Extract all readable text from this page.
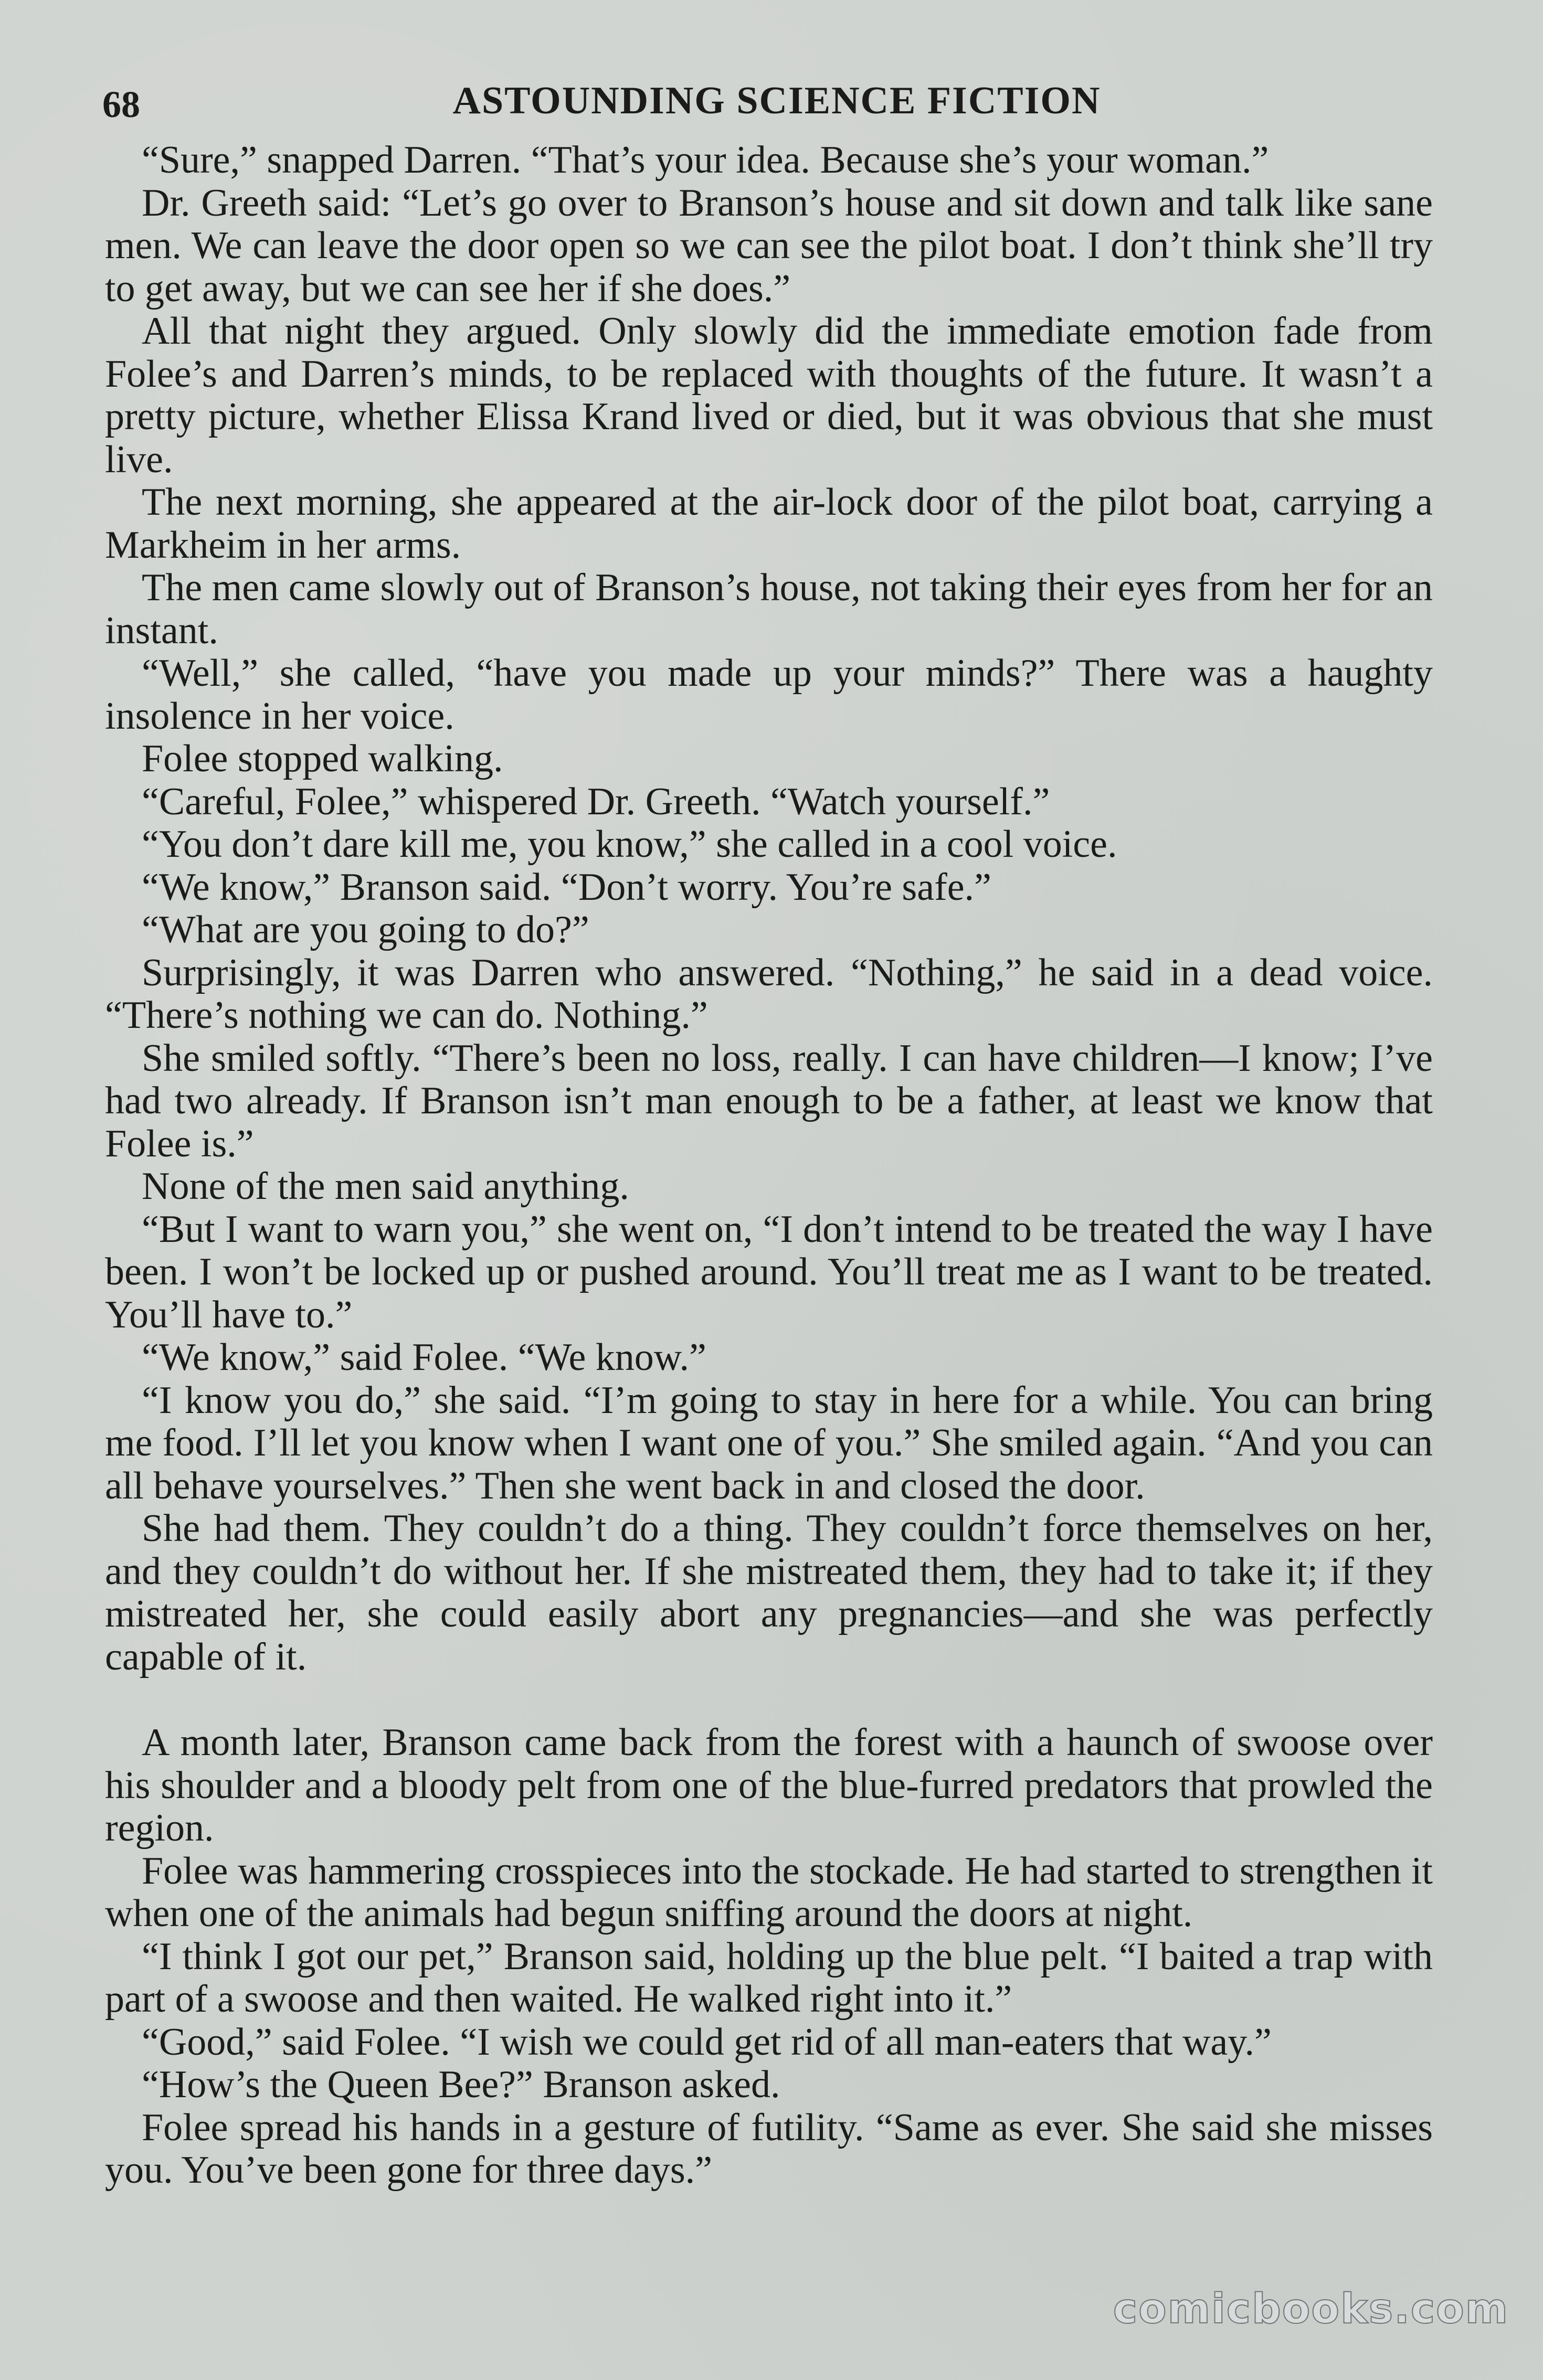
68	ASTOUNDING SCIENCE FICTION

“Sure,” snapped Darren. “That’s your idea. Because she’s your woman.”

Dr. Greeth said: “Let’s go over to Branson’s house and sit down and talk like sane men. We can leave the door open so we can see the pilot boat. I don’t think she’ll try to get away, but we can see her if she does.”

All that night they argued. Only slowly did the immediate emotion fade from Folee’s and Darren’s minds, to be replaced with thoughts of the future. It wasn’t a pretty picture, whether Elissa Krand lived or died, but it was obvious that she must live.

The next morning, she appeared at the air-lock door of the pilot boat, carrying a Markheim in her arms.

The men came slowly out of Branson’s house, not taking their eyes from her for an instant.

“Well,” she called, “have you made up your minds?” There was a haughty insolence in her voice.

Folee stopped walking.

“Careful, Folee,” whispered Dr. Greeth. “Watch yourself.”

“You don’t dare kill me, you know,” she called in a cool voice.

“We know,” Branson said. “Don’t worry. You’re safe.”

“What are you going to do?”

Surprisingly, it was Darren who answered. “Nothing,” he said in a dead voice. “There’s nothing we can do. Nothing.”

She smiled softly. “There’s been no loss, really. I can have children—I know; I’ve had two already. If Branson isn’t man enough to be a father, at least we know that Folee is.”

None of the men said anything.

“But I want to warn you,” she went on, “I don’t intend to be treated the way I have been. I won’t be locked up or pushed around. You’ll treat me as I want to be treated. You’ll have to.”

“We know,” said Folee. “We know.”

“I know you do,” she said. “I’m going to stay in here for a while. You can bring me food. I’ll let you know when I want one of you.” She smiled again. “And you can all behave yourselves.” Then she went back in and closed the door.

She had them. They couldn’t do a thing. They couldn’t force themselves on her, and they couldn’t do without her. If she mistreated them, they had to take it; if they mistreated her, she could easily abort any pregnancies—and she was perfectly capable of it.

A month later, Branson came back from the forest with a haunch of swoose over his shoulder and a bloody pelt from one of the blue-furred predators that prowled the region.

Folee was hammering crosspieces into the stockade. He had started to strengthen it when one of the animals had begun sniffing around the doors at night.

“I think I got our pet,” Branson said, holding up the blue pelt. “I baited a trap with part of a swoose and then waited. He walked right into it.”

“Good,” said Folee. “I wish we could get rid of all man-eaters that way.”

“How’s the Queen Bee?” Branson asked.

Folee spread his hands in a gesture of futility. “Same as ever. She said she misses you. You’ve been gone for three days.”

comicbooks.com
